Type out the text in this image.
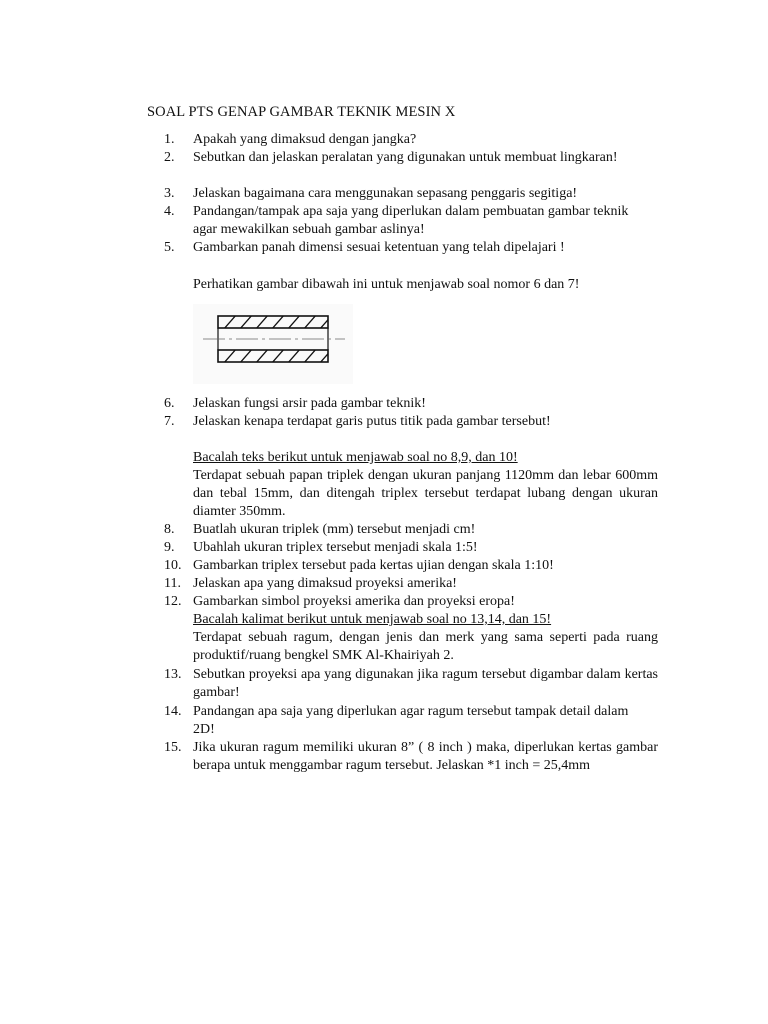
SOAL PTS GENAP GAMBAR TEKNIK MESIN X
1.	Apakah yang dimaksud dengan jangka?
2.	Sebutkan dan jelaskan peralatan yang digunakan untuk membuat lingkaran!
3.	Jelaskan bagaimana cara menggunakan sepasang penggaris segitiga!
4.	Pandangan/tampak apa saja yang diperlukan dalam pembuatan gambar teknik agar mewakilkan sebuah gambar aslinya!
5.	Gambarkan panah dimensi sesuai ketentuan yang telah dipelajari !
Perhatikan gambar dibawah ini untuk menjawab soal nomor 6 dan 7!
6.	Jelaskan fungsi arsir pada gambar teknik!
7.	Jelaskan kenapa terdapat garis putus titik pada gambar tersebut!
Bacalah teks berikut untuk menjawab soal no 8,9, dan 10!
Terdapat sebuah papan triplek dengan ukuran panjang 1120mm dan lebar 600mm dan tebal 15mm, dan ditengah triplex tersebut terdapat lubang dengan ukuran diamter 350mm.
8.	Buatlah ukuran triplek (mm) tersebut menjadi cm!
9.	Ubahlah ukuran triplex tersebut menjadi skala 1:5!
10. Gambarkan triplex tersebut pada kertas ujian dengan skala 1:10!
11. Jelaskan apa yang dimaksud proyeksi amerika!
12. Gambarkan simbol proyeksi amerika dan proyeksi eropa!
Bacalah kalimat berikut untuk menjawab soal no 13,14, dan 15!
Terdapat sebuah ragum, dengan jenis dan merk yang sama seperti pada ruang produktif/ruang bengkel SMK Al-Khairiyah 2.
13. Sebutkan proyeksi apa yang digunakan jika ragum tersebut digambar dalam kertas gambar!
14. Pandangan apa saja yang diperlukan agar ragum tersebut tampak detail dalam 2D!
15. Jika ukuran ragum memiliki ukuran 8” ( 8 inch ) maka, diperlukan kertas gambar berapa untuk menggambar ragum tersebut. Jelaskan *1 inch = 25,4mm
